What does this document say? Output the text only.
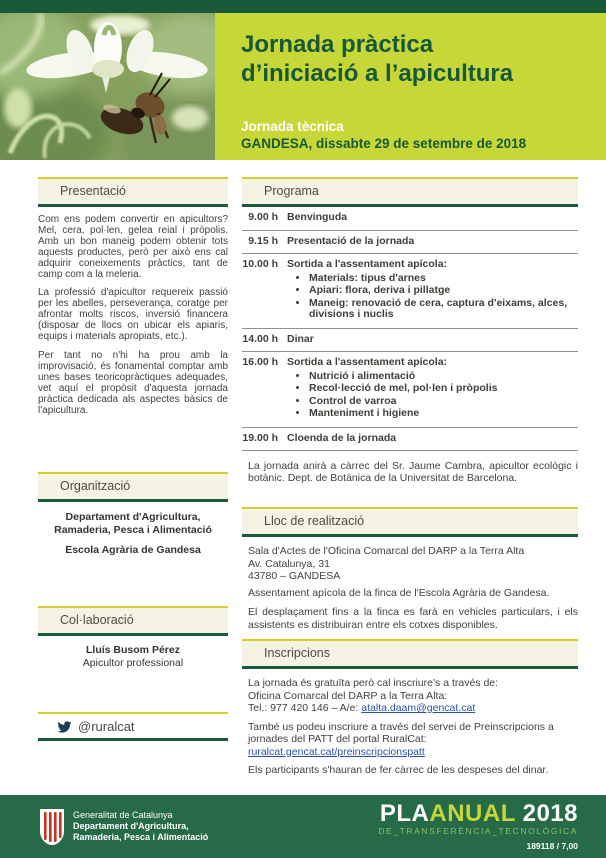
Jornada pràctica
d’iniciació a l’apicultura
Jornada tècnica
GANDESA, dissabte 29 de setembre de 2018
Presentació

Com ens podem convertir en apicultors? Mel, cera, pol·len, gelea reial i pròpolis. Amb un bon maneig podem obtenir tots aquests productes, però per això ens cal adquirir coneixements pràctics, tant de camp com a la meleria.

La professió d'apicultor requereix passió per les abelles, perseverança, coratge per afrontar molts riscos, inversió financera (disposar de llocs on ubicar els apiaris, equips i materials apropiats, etc.).

Per tant no n'hi ha prou amb la improvisació, és fonamental comptar amb unes bases teoricopràctiques adequades, vet aquí el propòsit d'aquesta jornada pràctica dedicada als aspectes bàsics de l'apicultura.

Organització
Departament d'Agricultura, Ramaderia, Pesca i Alimentació
Escola Agrària de Gandesa
Col·laboració
Lluís Busom Pérez
Apicultor professional
@ruralcat
Programa
9.00 h Benvinguda
9.15 h Presentació de la jornada
10.00 h Sortida a l'assentament apícola:
• Materials: tipus d'arnes
• Apiari: flora, deriva i pillatge
• Maneig: renovació de cera, captura d'eixams, alces, divisions i nuclis
14.00 h Dinar
16.00 h Sortida a l'assentament apícola:
• Nutrició i alimentació
• Recol·lecció de mel, pol·len i pròpolis
• Control de varroa
• Manteniment i higiene
19.00 h Cloenda de la jornada
La jornada anirà a càrrec del Sr. Jaume Cambra, apicultor ecològic i botànic. Dept. de Botànica de la Universitat de Barcelona.
Lloc de realització

Sala d'Actes de l'Oficina Comarcal del DARP a la Terra Alta
Av. Catalunya, 31
43780 – GANDESA

Assentament apícola de la finca de l'Escola Agrària de Gandesa.

El desplaçament fins a la finca es farà en vehicles particulars, i els assistents es distribuiran entre els cotxes disponibles.

Inscripcions

La jornada és gratuïta però cal inscriure's a través de:
Oficina Comarcal del DARP a la Terra Alta:
Tel.: 977 420 146 – A/e: atalta.daam@gencat.cat

També us podeu inscriure a través del servei de Preinscripcions a jornades del PATT del portal RuralCat:
ruralcat.gencat.cat/preinscripcionspatt

Els participants s'hauran de fer càrrec de les despeses del dinar.

Generalitat de Catalunya
Departament d'Agricultura,
Ramaderia, Pesca i Alimentació
PLAANUAL 2018
DE_TRANSFERÈNCIA_TECNOLÒGICA
189118 / 7,00
